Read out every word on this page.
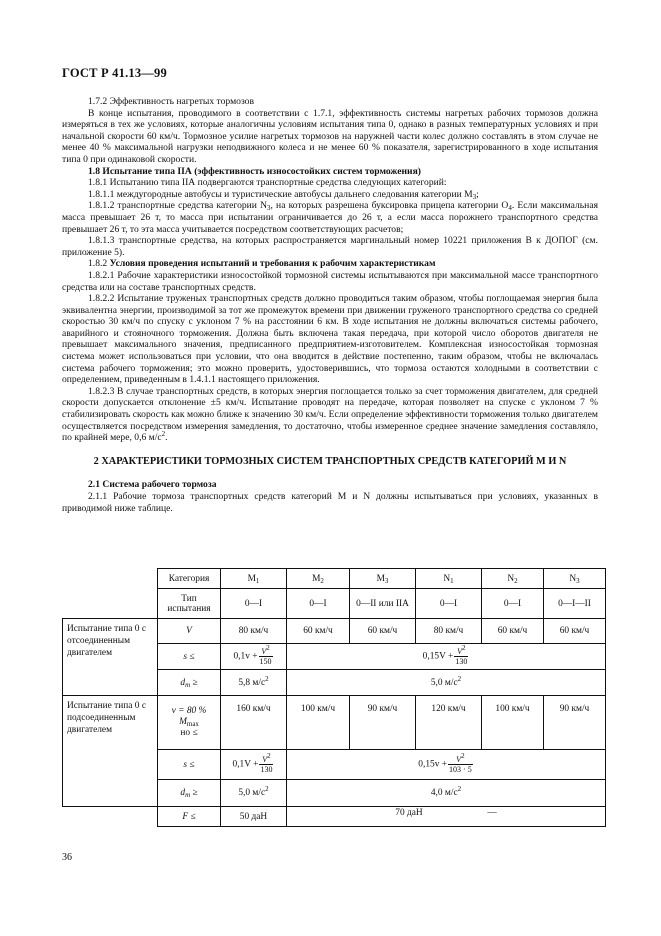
ГОСТ Р 41.13—99

1.7.2 Эффективность нагретых тормозов

В конце испытания, проводимого в соответствии с 1.7.1, эффективность системы нагретых рабочих тормозов должна измеряться в тех же условиях, которые аналогичны условиям испытания типа 0, однако в разных температурных условиях и при начальной скорости 60 км/ч. Тормозное усилие нагретых тормозов на наружней части колес должно составлять в этом случае не менее 40 % максимальной нагрузки неподвижного колеса и не менее 60 % показателя, зарегистрированного в ходе испытания типа 0 при одинаковой скорости.

1.8 Испытание типа IIА (эффективность износостойких систем торможения)

1.8.1 Испытанию типа IIА подвергаются транспортные средства следующих категорий:

1.8.1.1 междугородные автобусы и туристические автобусы дальнего следования категории $М_3$;

1.8.1.2 транспортные средства категории $N_3$, на которых разрешена буксировка прицепа категории $О_4$. Если максимальная масса превышает 26 т, то масса при испытании ограничивается до 26 т, а если масса порожнего транспортного средства превышает 26 т, то эта масса учитывается посредством соответствующих расчетов;

1.8.1.3 транспортные средства, на которых распространяется маргинальный номер 10221 приложения В к ДОПОГ (см. приложение 5).

1.8.2 Условия проведения испытаний и требования к рабочим характеристикам

1.8.2.1 Рабочие характеристики износостойкой тормозной системы испытываются при максимальной массе транспортного средства или на составе транспортных средств.

1.8.2.2 Испытание труженых транспортных средств должно проводиться таким образом, чтобы поглощаемая энергия была эквивалентна энергии, производимой за тот же промежуток времени при движении груженого транспортного средства со средней скоростью 30 км/ч по спуску с уклоном 7 % на расстоянии 6 км. В ходе испытания не должны включаться системы рабочего, аварийного и стояночного торможения. Должна быть включена такая передача, при которой число оборотов двигателя не превышает максимального значения, предписанного предприятием-изготовителем. Комплексная износостойкая тормозная система может использоваться при условии, что она вводится в действие постепенно, таким образом, чтобы не включалась система рабочего торможения; это можно проверить, удостоверившись, что тормоза остаются холодными в соответствии с определением, приведенным в 1.4.1.1 настоящего приложения.

1.8.2.3 В случае транспортных средств, в которых энергия поглощается только за счет торможения двигателем, для средней скорости допускается отклонение ±5 км/ч. Испытание проводят на передаче, которая позволяет на спуске с уклоном 7 % стабилизировать скорость как можно ближе к значению 30 км/ч. Если определение эффективности торможения только двигателем осуществляется посредством измерения замедления, то достаточно, чтобы измеренное среднее значение замедления составляло, по крайней мере, 0,6 $м/с^2$.

2 ХАРАКТЕРИСТИКИ ТОРМОЗНЫХ СИСТЕМ ТРАНСПОРТНЫХ СРЕДСТВ КАТЕГОРИЙ М И N

2.1 Система рабочего тормоза

2.1.1 Рабочие тормоза транспортных средств категорий М и N должны испытываться при условиях, указанных в приводимой ниже таблице.

	Категория	$M_1$	$M_2$	$M_3$	$N_1$	$N_2$	$N_3$
	Тип испытания	0—I	0—I	0—II или IIA	0—I	0—I	0—I—II
Испытание типа 0 с отсоединенным двигателем	V	80 км/ч	60 км/ч	60 км/ч	80 км/ч	60 км/ч	60 км/ч
	s ≤	$0,1v + \frac{V^2}{150}$	$0,15V + \frac{V^2}{130}$

	$d_m$ ≥	5,8 $м/с^2$	5,0 $м/с^2$
Испытание типа 0 с подсоединенным двигателем	v = 80 %
$M_{max}$
но ≤	160 км/ч	100 км/ч	90 км/ч	120 км/ч	100 км/ч	90 км/ч
	s ≤	$0,1V + \frac{V^2}{130}$	$0,15v + \frac{V^2}{103 \cdot 5}$

	$d_m$ ≥	5,0 $м/с^2$	4,0 $м/с^2$
	F ≤	50 даН	70 даН —				
36
